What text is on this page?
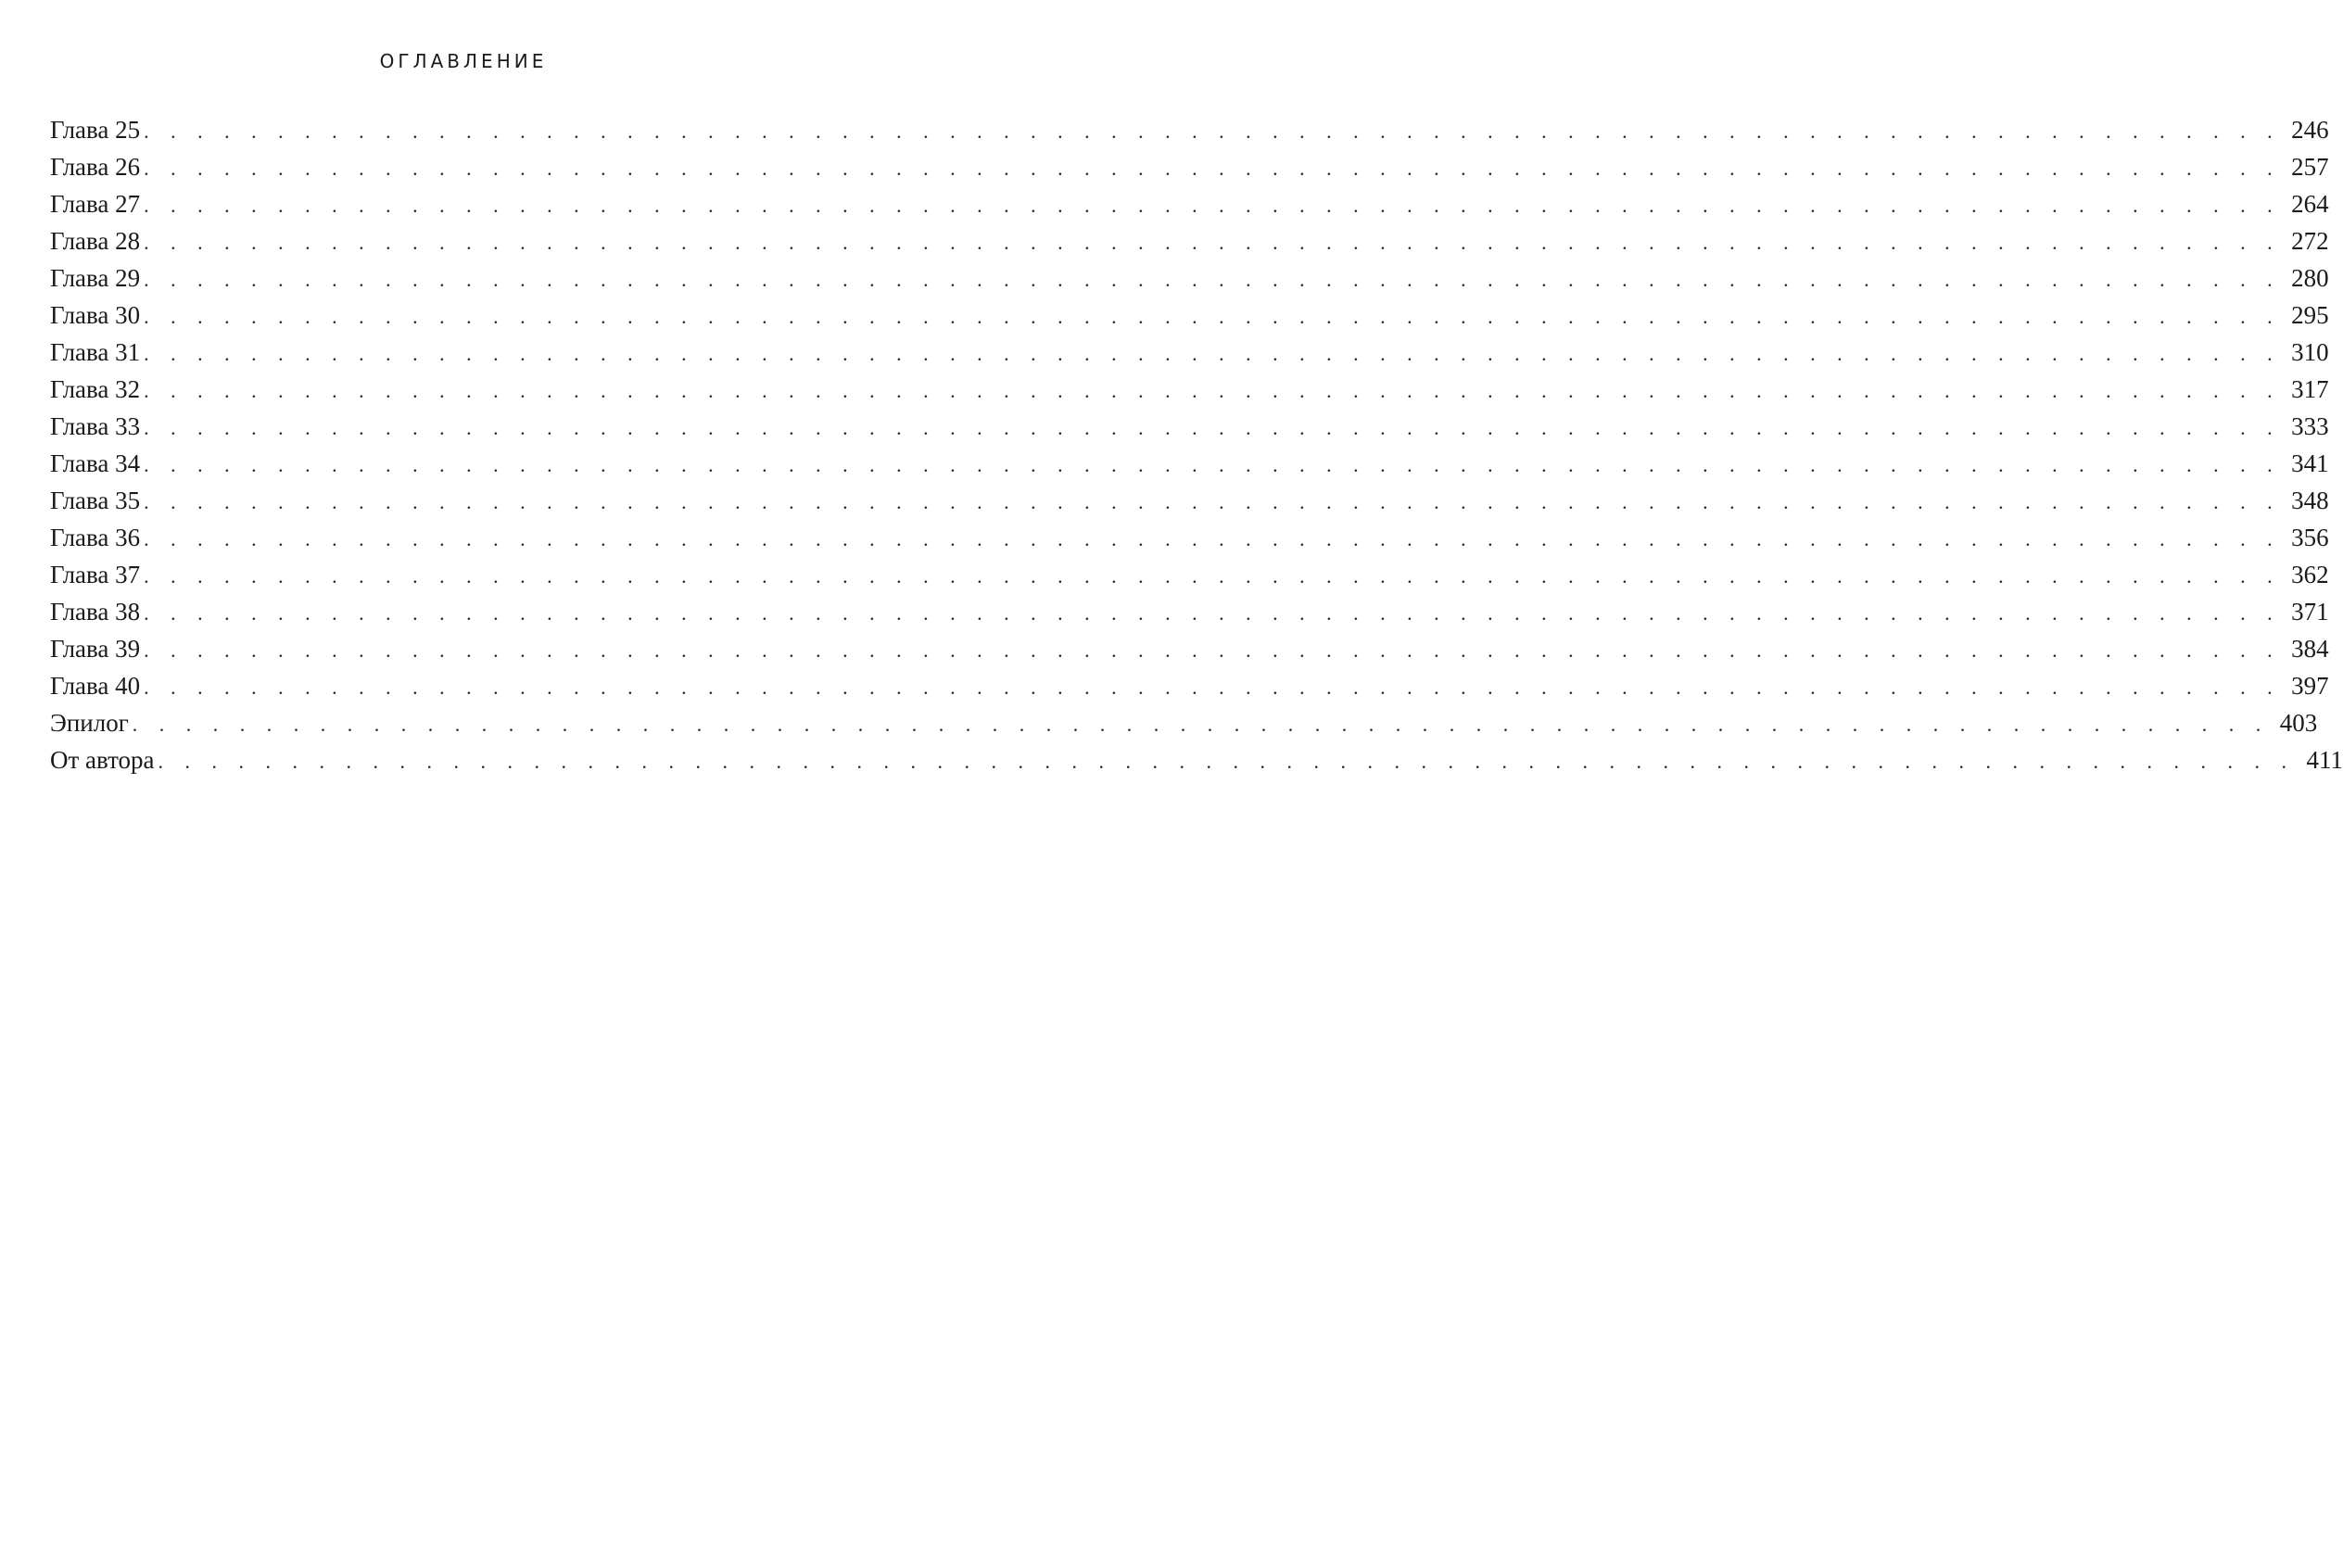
ОГЛАВЛЕНИЕ
Глава 25 . . . . . . . . . . . . . . . . . . . . . . . . . . . . . . . . . . . . . . . . . . . . . . . . . . . . . . . . . . . . . . . . . . . . . . . . . . . . . . . . 246
Глава 26 . . . . . . . . . . . . . . . . . . . . . . . . . . . . . . . . . . . . . . . . . . . . . . . . . . . . . . . . . . . . . . . . . . . . . . . . . . . . . . . . 257
Глава 27 . . . . . . . . . . . . . . . . . . . . . . . . . . . . . . . . . . . . . . . . . . . . . . . . . . . . . . . . . . . . . . . . . . . . . . . . . . . . . . . . 264
Глава 28 . . . . . . . . . . . . . . . . . . . . . . . . . . . . . . . . . . . . . . . . . . . . . . . . . . . . . . . . . . . . . . . . . . . . . . . . . . . . . . . . 272
Глава 29 . . . . . . . . . . . . . . . . . . . . . . . . . . . . . . . . . . . . . . . . . . . . . . . . . . . . . . . . . . . . . . . . . . . . . . . . . . . . . . . . 280
Глава 30 . . . . . . . . . . . . . . . . . . . . . . . . . . . . . . . . . . . . . . . . . . . . . . . . . . . . . . . . . . . . . . . . . . . . . . . . . . . . . . . . 295
Глава 31 . . . . . . . . . . . . . . . . . . . . . . . . . . . . . . . . . . . . . . . . . . . . . . . . . . . . . . . . . . . . . . . . . . . . . . . . . . . . . . . . 310
Глава 32 . . . . . . . . . . . . . . . . . . . . . . . . . . . . . . . . . . . . . . . . . . . . . . . . . . . . . . . . . . . . . . . . . . . . . . . . . . . . . . . . 317
Глава 33 . . . . . . . . . . . . . . . . . . . . . . . . . . . . . . . . . . . . . . . . . . . . . . . . . . . . . . . . . . . . . . . . . . . . . . . . . . . . . . . . 333
Глава 34 . . . . . . . . . . . . . . . . . . . . . . . . . . . . . . . . . . . . . . . . . . . . . . . . . . . . . . . . . . . . . . . . . . . . . . . . . . . . . . . . 341
Глава 35 . . . . . . . . . . . . . . . . . . . . . . . . . . . . . . . . . . . . . . . . . . . . . . . . . . . . . . . . . . . . . . . . . . . . . . . . . . . . . . . . 348
Глава 36 . . . . . . . . . . . . . . . . . . . . . . . . . . . . . . . . . . . . . . . . . . . . . . . . . . . . . . . . . . . . . . . . . . . . . . . . . . . . . . . . 356
Глава 37 . . . . . . . . . . . . . . . . . . . . . . . . . . . . . . . . . . . . . . . . . . . . . . . . . . . . . . . . . . . . . . . . . . . . . . . . . . . . . . . . 362
Глава 38 . . . . . . . . . . . . . . . . . . . . . . . . . . . . . . . . . . . . . . . . . . . . . . . . . . . . . . . . . . . . . . . . . . . . . . . . . . . . . . . . 371
Глава 39 . . . . . . . . . . . . . . . . . . . . . . . . . . . . . . . . . . . . . . . . . . . . . . . . . . . . . . . . . . . . . . . . . . . . . . . . . . . . . . . . 384
Глава 40 . . . . . . . . . . . . . . . . . . . . . . . . . . . . . . . . . . . . . . . . . . . . . . . . . . . . . . . . . . . . . . . . . . . . . . . . . . . . . . . . 397
Эпилог . . . . . . . . . . . . . . . . . . . . . . . . . . . . . . . . . . . . . . . . . . . . . . . . . . . . . . . . . . . . . . . . . . . . . . . . . . . . . . . . 403
От автора . . . . . . . . . . . . . . . . . . . . . . . . . . . . . . . . . . . . . . . . . . . . . . . . . . . . . . . . . . . . . . . . . . . . . . . . . . . . . . . . 411
